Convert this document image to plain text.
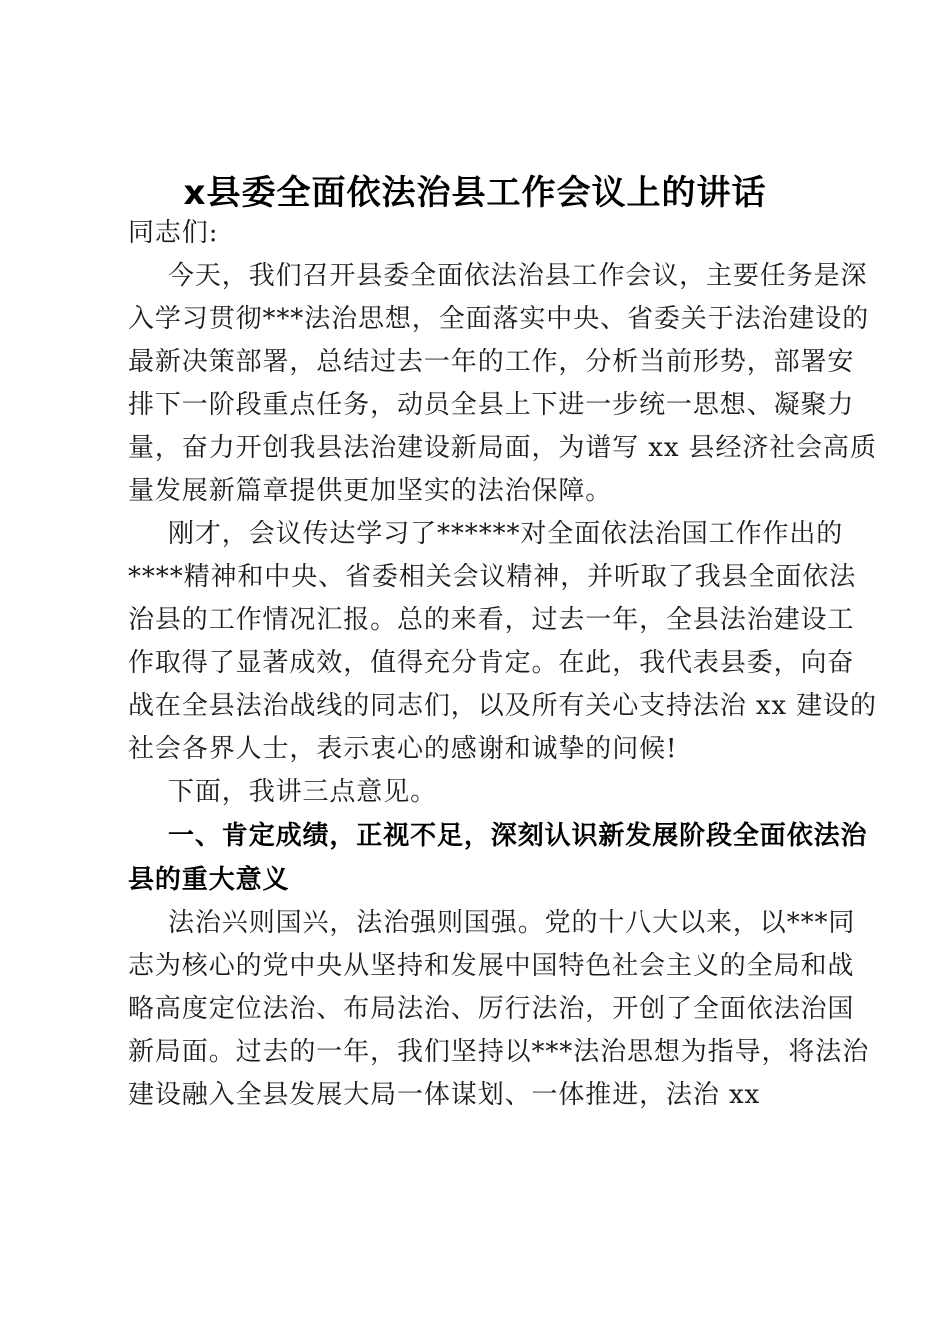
x县委全面依法治县工作会议上的讲话
同志们:
今天，我们召开县委全面依法治县工作会议，主要任务是深
入学习贯彻***法治思想，全面落实中央、省委关于法治建设的
最新决策部署，总结过去一年的工作，分析当前形势，部署安
排下一阶段重点任务，动员全县上下进一步统一思想、凝聚力
量，奋力开创我县法治建设新局面，为谱写 xx 县经济社会高质
量发展新篇章提供更加坚实的法治保障。
刚才，会议传达学习了******对全面依法治国工作作出的
****精神和中央、省委相关会议精神，并听取了我县全面依法
治县的工作情况汇报。总的来看，过去一年，全县法治建设工
作取得了显著成效，值得充分肯定。在此，我代表县委，向奋
战在全县法治战线的同志们，以及所有关心支持法治 xx 建设的
社会各界人士，表示衷心的感谢和诚挚的问候!
下面，我讲三点意见。
一、肯定成绩，正视不足，深刻认识新发展阶段全面依法治
县的重大意义
法治兴则国兴，法治强则国强。党的十八大以来，以***同
志为核心的党中央从坚持和发展中国特色社会主义的全局和战
略高度定位法治、布局法治、厉行法治，开创了全面依法治国
新局面。过去的一年，我们坚持以***法治思想为指导，将法治
建设融入全县发展大局一体谋划、一体推进，法治 xx
